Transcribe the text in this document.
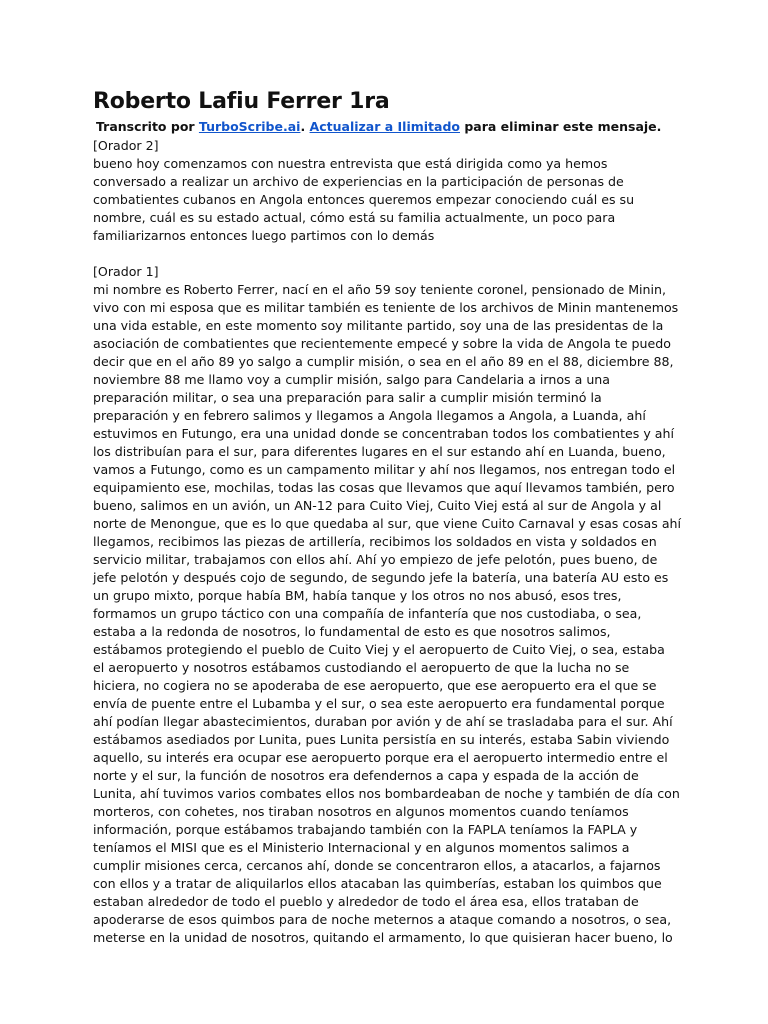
Roberto Lafiu Ferrer 1ra
Transcrito por TurboScribe.ai. Actualizar a Ilimitado para eliminar este mensaje.
[Orador 2]
bueno hoy comenzamos con nuestra entrevista que está dirigida como ya hemos
conversado a realizar un archivo de experiencias en la participación de personas de
combatientes cubanos en Angola entonces queremos empezar conociendo cuál es su
nombre, cuál es su estado actual, cómo está su familia actualmente, un poco para
familiarizarnos entonces luego partimos con lo demás
[Orador 1]
mi nombre es Roberto Ferrer, nací en el año 59 soy teniente coronel, pensionado de Minin,
vivo con mi esposa que es militar también es teniente de los archivos de Minin mantenemos
una vida estable, en este momento soy militante partido, soy una de las presidentas de la
asociación de combatientes que recientemente empecé y sobre la vida de Angola te puedo
decir que en el año 89 yo salgo a cumplir misión, o sea en el año 89 en el 88, diciembre 88,
noviembre 88 me llamo voy a cumplir misión, salgo para Candelaria a irnos a una
preparación militar, o sea una preparación para salir a cumplir misión terminó la
preparación y en febrero salimos y llegamos a Angola llegamos a Angola, a Luanda, ahí
estuvimos en Futungo, era una unidad donde se concentraban todos los combatientes y ahí
los distribuían para el sur, para diferentes lugares en el sur estando ahí en Luanda, bueno,
vamos a Futungo, como es un campamento militar y ahí nos llegamos, nos entregan todo el
equipamiento ese, mochilas, todas las cosas que llevamos que aquí llevamos también, pero
bueno, salimos en un avión, un AN-12 para Cuito Viej, Cuito Viej está al sur de Angola y al
norte de Menongue, que es lo que quedaba al sur, que viene Cuito Carnaval y esas cosas ahí
llegamos, recibimos las piezas de artillería, recibimos los soldados en vista y soldados en
servicio militar, trabajamos con ellos ahí. Ahí yo empiezo de jefe pelotón, pues bueno, de
jefe pelotón y después cojo de segundo, de segundo jefe la batería, una batería AU esto es
un grupo mixto, porque había BM, había tanque y los otros no nos abusó, esos tres,
formamos un grupo táctico con una compañía de infantería que nos custodiaba, o sea,
estaba a la redonda de nosotros, lo fundamental de esto es que nosotros salimos,
estábamos protegiendo el pueblo de Cuito Viej y el aeropuerto de Cuito Viej, o sea, estaba
el aeropuerto y nosotros estábamos custodiando el aeropuerto de que la lucha no se
hiciera, no cogiera no se apoderaba de ese aeropuerto, que ese aeropuerto era el que se
envía de puente entre el Lubamba y el sur, o sea este aeropuerto era fundamental porque
ahí podían llegar abastecimientos, duraban por avión y de ahí se trasladaba para el sur. Ahí
estábamos asediados por Lunita, pues Lunita persistía en su interés, estaba Sabin viviendo
aquello, su interés era ocupar ese aeropuerto porque era el aeropuerto intermedio entre el
norte y el sur, la función de nosotros era defendernos a capa y espada de la acción de
Lunita, ahí tuvimos varios combates ellos nos bombardeaban de noche y también de día con
morteros, con cohetes, nos tiraban nosotros en algunos momentos cuando teníamos
información, porque estábamos trabajando también con la FAPLA teníamos la FAPLA y
teníamos el MISI que es el Ministerio Internacional y en algunos momentos salimos a
cumplir misiones cerca, cercanos ahí, donde se concentraron ellos, a atacarlos, a fajarnos
con ellos y a tratar de aliquilarlos ellos atacaban las quimberías, estaban los quimbos que
estaban alrededor de todo el pueblo y alrededor de todo el área esa, ellos trataban de
apoderarse de esos quimbos para de noche meternos a ataque comando a nosotros, o sea,
meterse en la unidad de nosotros, quitando el armamento, lo que quisieran hacer bueno, lo
